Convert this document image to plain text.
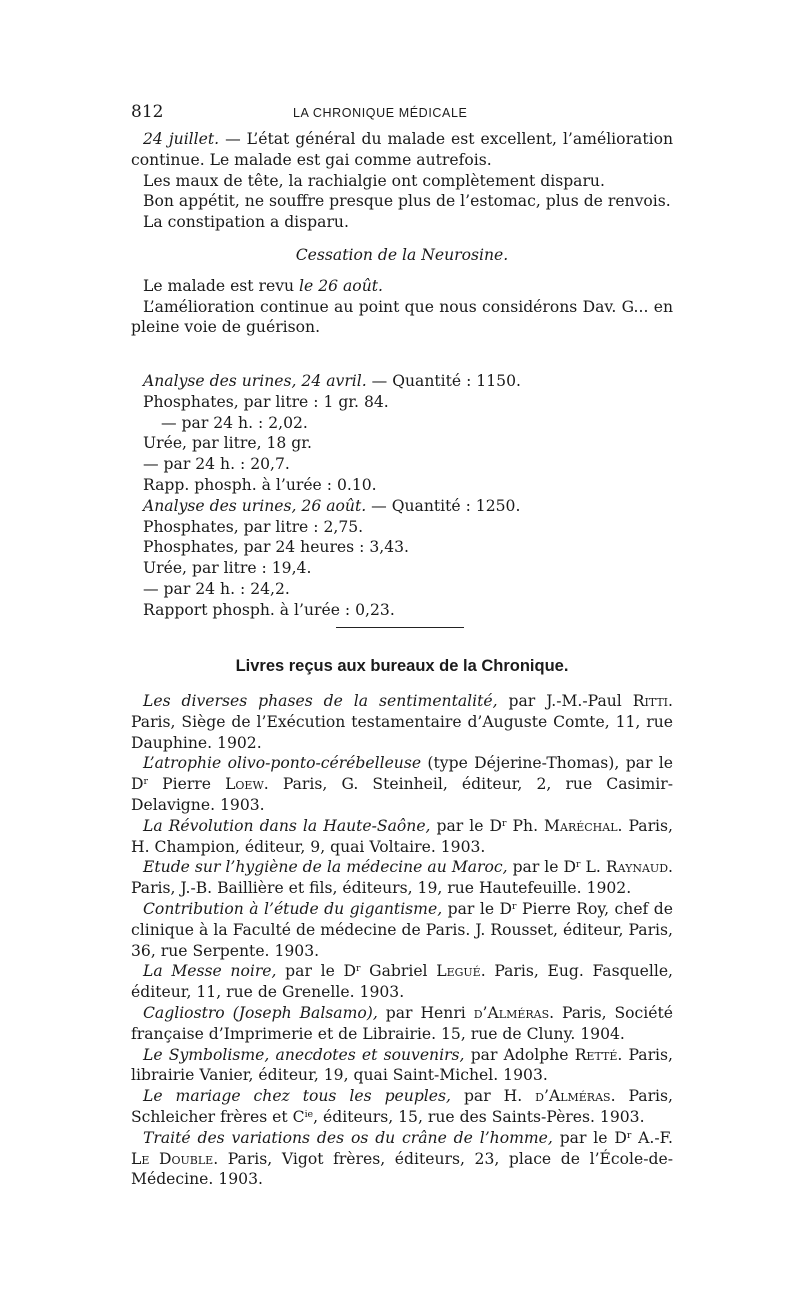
812	LA CHRONIQUE MÉDICALE

24 juillet. — L’état général du malade est excellent, l’amélioration continue. Le malade est gai comme autrefois.

Les maux de tête, la rachialgie ont complètement disparu.

Bon appétit, ne souffre presque plus de l’estomac, plus de renvois.

La constipation a disparu.

Cessation de la Neurosine.

Le malade est revu le 26 août.

L’amélioration continue au point que nous considérons Dav. G... en pleine voie de guérison.

Analyse des urines, 24 avril. — Quantité : 1150.

Phosphates, par litre : 1 gr. 84.

— par 24 h. : 2,02.

Urée, par litre, 18 gr.

— par 24 h. : 20,7.

Rapp. phosph. à l’urée : 0.10.

Analyse des urines, 26 août. — Quantité : 1250.

Phosphates, par litre : 2,75.

Phosphates, par 24 heures : 3,43.

Urée, par litre : 19,4.

— par 24 h. : 24,2.

Rapport phosph. à l’urée : 0,23.

Livres reçus aux bureaux de la Chronique.

Les diverses phases de la sentimentalité, par J.-M.-Paul Ritti. Paris, Siège de l’Exécution testamentaire d’Auguste Comte, 11, rue Dauphine. 1902.

L’atrophie olivo-ponto-cérébelleuse (type Déjerine-Thomas), par le $D^r$ Pierre Loew. Paris, G. Steinheil, éditeur, 2, rue Casimir-Delavigne. 1903.

La Révolution dans la Haute-Saône, par le $D^r$ Ph. Maréchal. Paris, H. Champion, éditeur, 9, quai Voltaire. 1903.

Etude sur l’hygiène de la médecine au Maroc, par le $D^r$ L. Raynaud. Paris, J.-B. Baillière et fils, éditeurs, 19, rue Hautefeuille. 1902.

Contribution à l’étude du gigantisme, par le $D^r$ Pierre Roy, chef de clinique à la Faculté de médecine de Paris. J. Rousset, éditeur, Paris, 36, rue Serpente. 1903.

La Messe noire, par le $D^r$ Gabriel Legué. Paris, Eug. Fasquelle, éditeur, 11, rue de Grenelle. 1903.

Cagliostro (Joseph Balsamo), par Henri d’Alméras. Paris, Société française d’Imprimerie et de Librairie. 15, rue de Cluny. 1904.

Le Symbolisme, anecdotes et souvenirs, par Adolphe Retté. Paris, librairie Vanier, éditeur, 19, quai Saint-Michel. 1903.

Le mariage chez tous les peuples, par H. d’Alméras. Paris, Schleicher frères et $C^{ie}$, éditeurs, 15, rue des Saints-Pères. 1903.

Traité des variations des os du crâne de l’homme, par le $D^r$ A.-F. Le Double. Paris, Vigot frères, éditeurs, 23, place de l’École-de-Médecine. 1903.
